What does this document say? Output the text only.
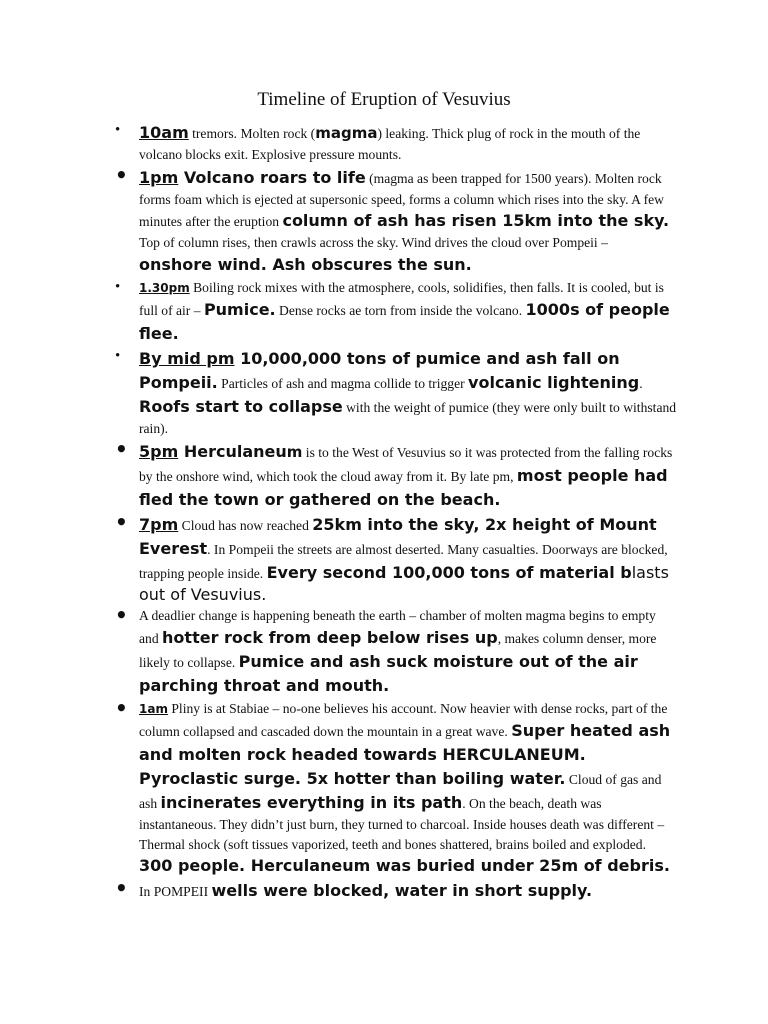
Timeline of Eruption of Vesuvius
• 10am tremors. Molten rock (magma) leaking. Thick plug of rock in the mouth of the volcano blocks exit. Explosive pressure mounts.
• 1pm Volcano roars to life (magma as been trapped for 1500 years). Molten rock forms foam which is ejected at supersonic speed, forms a column which rises into the sky. A few minutes after the eruption column of ash has risen 15km into the sky. Top of column rises, then crawls across the sky. Wind drives the cloud over Pompeii – onshore wind. Ash obscures the sun.
• 1.30pm Boiling rock mixes with the atmosphere, cools, solidifies, then falls. It is cooled, but is full of air – Pumice. Dense rocks ae torn from inside the volcano. 1000s of people flee.
• By mid pm 10,000,000 tons of pumice and ash fall on Pompeii. Particles of ash and magma collide to trigger volcanic lightening. Roofs start to collapse with the weight of pumice (they were only built to withstand rain).
• 5pm Herculaneum is to the West of Vesuvius so it was protected from the falling rocks by the onshore wind, which took the cloud away from it. By late pm, most people had fled the town or gathered on the beach.
• 7pm Cloud has now reached 25km into the sky, 2x height of Mount Everest. In Pompeii the streets are almost deserted. Many casualties. Doorways are blocked, trapping people inside. Every second 100,000 tons of material blasts out of Vesuvius.
• A deadlier change is happening beneath the earth – chamber of molten magma begins to empty and hotter rock from deep below rises up, makes column denser, more likely to collapse. Pumice and ash suck moisture out of the air parching throat and mouth.
• 1am Pliny is at Stabiae – no-one believes his account. Now heavier with dense rocks, part of the column collapsed and cascaded down the mountain in a great wave. Super heated ash and molten rock headed towards HERCULANEUM. Pyroclastic surge. 5x hotter than boiling water. Cloud of gas and ash incinerates everything in its path. On the beach, death was instantaneous. They didn’t just burn, they turned to charcoal. Inside houses death was different – Thermal shock (soft tissues vaporized, teeth and bones shattered, brains boiled and exploded. 300 people. Herculaneum was buried under 25m of debris.
• In POMPEII wells were blocked, water in short supply.
